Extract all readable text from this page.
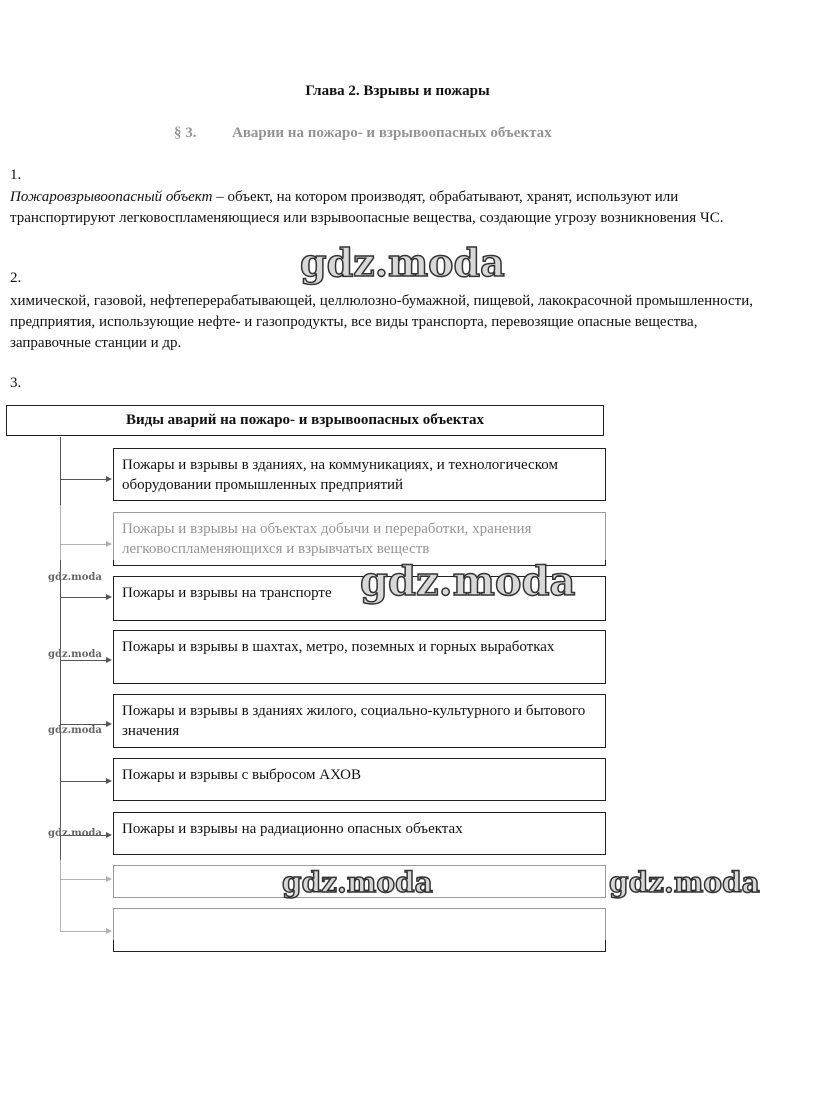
Глава 2. Взрывы и пожары
1.
Пожаровзрывоопасный объект – объект, на котором производят, обрабатывают, хранят, используют или транспортируют легковоспламеняющиеся или взрывоопасные вещества, создающие угрозу возникновения ЧС.
2.
химической, газовой, нефтеперерабатывающей, целлюлозно-бумажной, пищевой, лакокрасочной промышленности, предприятия, использующие нефте- и газопродукты, все виды транспорта, перевозящие опасные вещества, заправочные станции и др.
3.
Виды аварий на пожаро- и взрывоопасных объектах
Пожары и взрывы в зданиях, на коммуникациях, и технологическом оборудовании промышленных предприятий
Пожары и взрывы на транспорте
Пожары и взрывы в шахтах, метро, поземных и горных выработках
Пожары и взрывы в зданиях жилого, социально-культурного и бытового значения
Пожары и взрывы с выбросом АХОВ
Пожары и взрывы на радиационно опасных объектах
gdz.moda
gdz.moda
gdz.moda	gdz.moda
gdz.moda
gdz.moda
gdz.moda
gdz.moda
